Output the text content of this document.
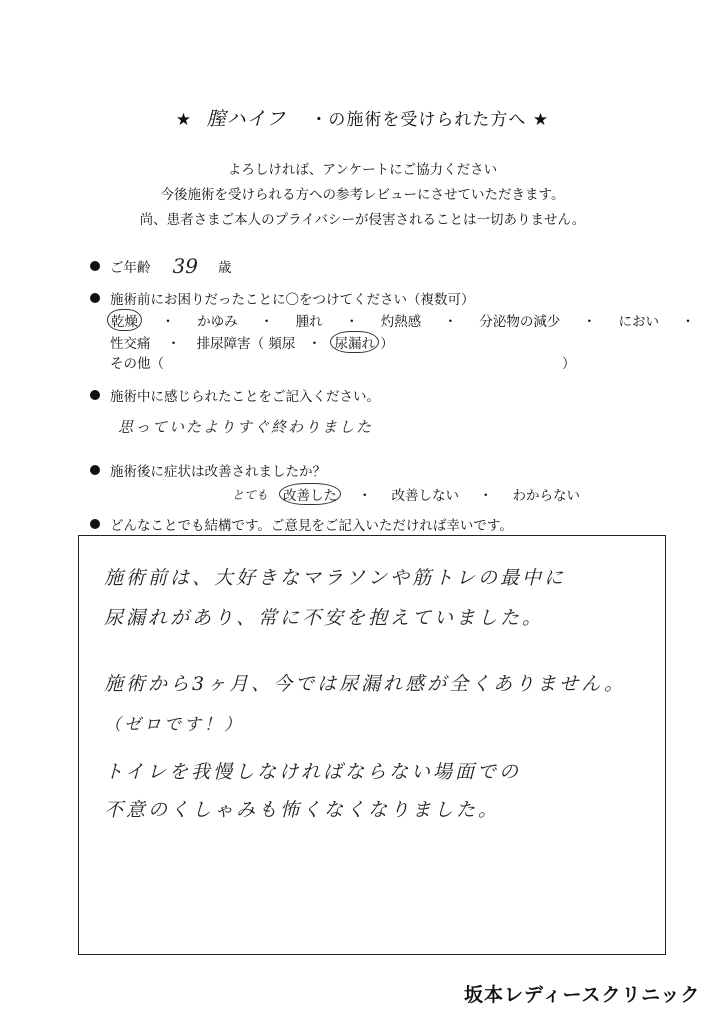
★ 膣ハイフ ・の施術を受けられた方へ ★
よろしければ、アンケートにご協力ください
今後施術を受けられる方への参考レビューにさせていただきます。
尚、患者さまご本人のプライバシーが侵害されることは一切ありません。
ご年齢 39 歳
施術前にお困りだったことに〇をつけてください（複数可）
乾燥 ・ かゆみ ・ 腫れ ・ 灼熱感 ・ 分泌物の減少 ・ におい ・
性交痛 ・ 排尿障害（ 頻尿 ・ 尿漏れ ）
その他（	）
施術中に感じられたことをご記入ください。
思っていたよりすぐ終わりました
施術後に症状は改善されましたか？
とても 改善した ・ 改善しない ・ わからない
どんなことでも結構です。ご意見をご記入いただければ幸いです。
施術前は、大好きなマラソンや筋トレの最中に
尿漏れがあり、常に不安を抱えていました。
施術から3ヶ月、今では尿漏れ感が全くありません。
（ゼロです！）
トイレを我慢しなければならない場面での
不意のくしゃみも怖くなくなりました。
坂本レディースクリニック
